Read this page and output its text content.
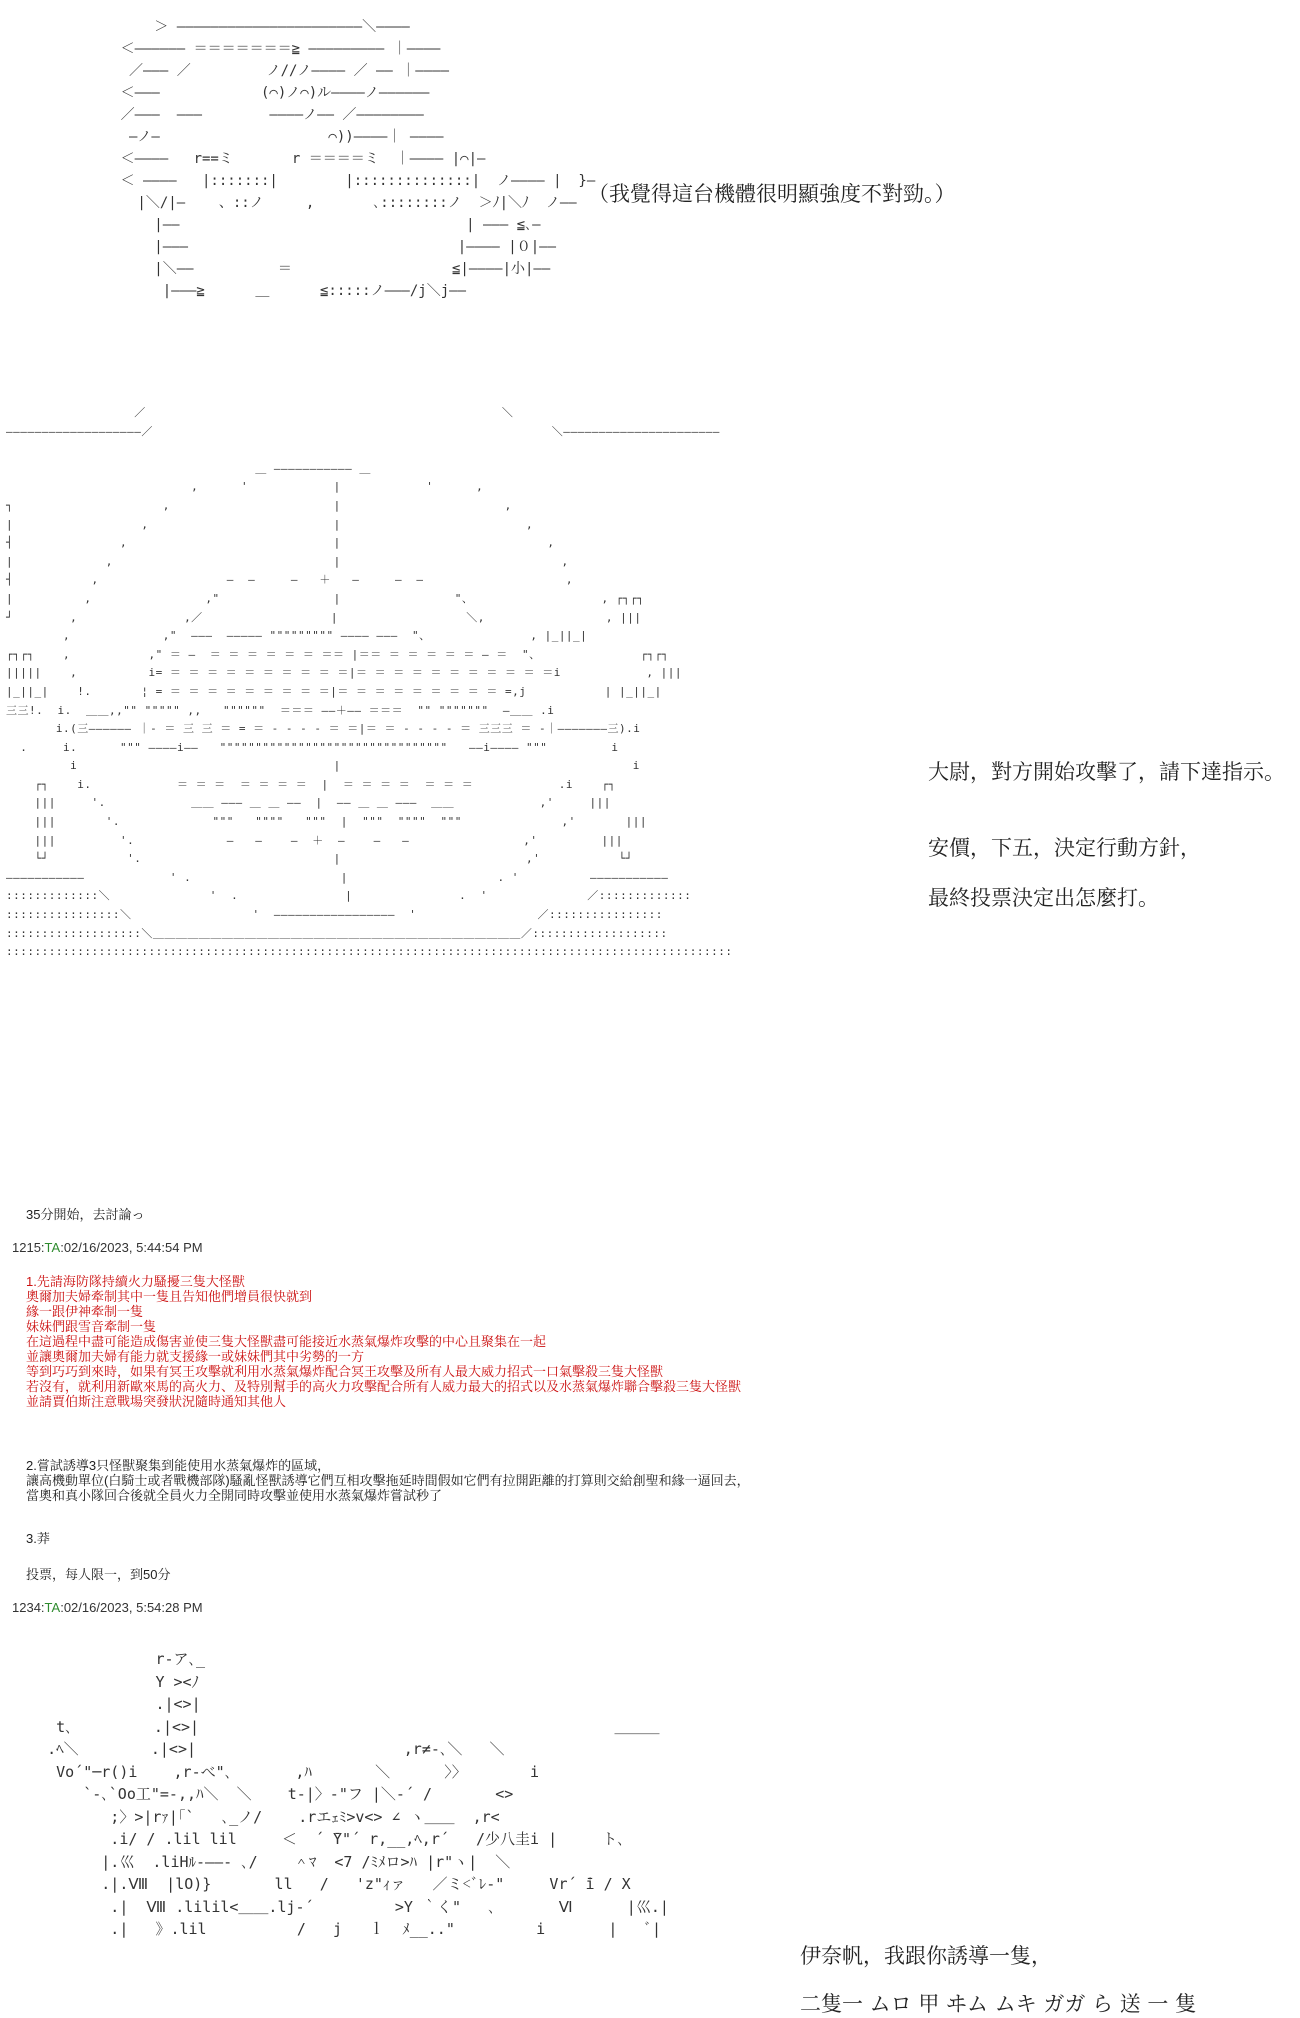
＞ ――――――――――――――――――――――＼――――
＜―――――― ＝＝＝＝＝＝＝≧ ――――――――― ｜――――
／――― ／         ノ//ノ―――― ／ ―― ｜――――
＜―――            (⌒)ノ⌒)ル――――ノ――――――
／―――  ―――        ――――ノ―― ／――――――――
―ノ―                    ⌒))――――｜ ――――
＜――――   r==ミ       r ＝＝＝＝ミ  ｜―――― |⌒|―
＜ ――――   |:::::::|        |::::::::::::::|  ノ―――― |  }―
|＼/|―    、::ノ     ,       ､::::::::ノ  ＞ﾉ|＼ﾉ  ノ――
|――                                  | ――― ≦､―
|―――                                |―――― |０|――
|＼――          ＝                   ≦|――――|小|――
|―――≧      ＿      ≦:::::ノ―――/j＼j――
（我覺得這台機體很明顯強度不對勁。）
／                                                  ＼
―――――――――――――――――――／                                                        ＼――――――――――――――――――――――

＿ ――――――――――― ＿
,      '            |            '      ,
┐                     ,                       |                       ,
|                  ,                          |                          ,
┤               ,                             |                             ,
|             ,                               |                               ,
┤           ,                  ―  ―     ―   ＋   ―     ―  ―                    ,
|          ,                ,"                |                "、                  , ┌┐┌┐
┘        ,               ,／                  |                  ＼,                 , |||
,             ,"  ―――  ――――― """"""""" ―――― ―――  "、              , |_||_|
┌┐┌┐    ,           ," ＝ ―  ＝ ＝ ＝ ＝ ＝ ＝ ＝＝ |＝＝ ＝ ＝ ＝ ＝ ＝ ― ＝  "、              ┌┐┌┐
|||||    ,          i= ＝ ＝ ＝ ＝ ＝ ＝ ＝ ＝ ＝ ＝|＝ ＝ ＝ ＝ ＝ ＝ ＝ ＝ ＝ ＝ ＝i            , |||
|_||_|    !.       ¦ = ＝ ＝ ＝ ＝ ＝ ＝ ＝ ＝ ＝|＝ ＝ ＝ ＝ ＝ ＝ ＝ ＝ ＝ =,j           | |_||_|
三三!.  i.  ＿＿,,"" """"" ,,   """"""  ＝＝＝ ――＋―― ＝＝＝  "" """""""  ―＿＿ .i
i.(三―――――― ｜- ＝ 三 三 ＝ = ＝ - - - - ＝ ＝|＝ ＝ - - - - ＝ 三三三 ＝ -｜―――――――三).i
.     i.      """ ――――i――   """"""""""""""""""""""""""""""""   ――i―――― """         i
i                                    |                                         i
┌┐    i.            ＝ ＝ ＝  ＝ ＝ ＝ ＝  |  ＝ ＝ ＝ ＝  ＝ ＝ ＝            .i    ┌┐
|||     '.            ＿＿ ――― ＿ ＿ ――  |  ―― ＿ ＿ ―――  ＿＿            ,'     |||
|||       '.             """   """"   """  |  """  """"  """              ,'       |||
|||         '.             ―   ―    ―  ＋  ―    ―   ―                ,'         |||
└┘           '.                           |                          ,'           └┘
―――――――――――            ' .                     |                     . '          ―――――――――――
:::::::::::::＼              '  .               |               .  '              ／:::::::::::::
::::::::::::::::＼                 '  ―――――――――――――――――  '                 ／::::::::::::::::
:::::::::::::::::::＼＿＿＿＿＿＿＿＿＿＿＿＿＿＿＿＿＿＿＿＿＿＿＿＿＿＿＿＿＿＿＿＿／:::::::::::::::::::
::::::::::::::::::::::::::::::::::::::::::::::::::::::::::::::::::::::::::::::::::::::::::::::::::::::
大尉，對方開始攻擊了，請下達指示。
安價，下五，決定行動方針，
最終投票決定出怎麼打。
35分開始，去討論っ
1215:TA:02/16/2023, 5:44:54 PM
1.先請海防隊持續火力騷擾三隻大怪獸
奧爾加夫婦牽制其中一隻且告知他們增員很快就到
緣一跟伊神牽制一隻
妹妹們跟雪音牽制一隻
在這過程中盡可能造成傷害並使三隻大怪獸盡可能接近水蒸氣爆炸攻擊的中心且聚集在一起
並讓奧爾加夫婦有能力就支援緣一或妹妹們其中劣勢的一方
等到巧巧到來時，如果有冥王攻擊就利用水蒸氣爆炸配合冥王攻擊及所有人最大威力招式一口氣擊殺三隻大怪獸
若沒有，就利用新歐來馬的高火力、及特別幫手的高火力攻擊配合所有人威力最大的招式以及水蒸氣爆炸聯合擊殺三隻大怪獸
並請賈伯斯注意戰場突發狀況隨時通知其他人
2.嘗試誘導3只怪獸聚集到能使用水蒸氣爆炸的區域，
讓高機動單位(白騎士或者戰機部隊)騷亂怪獸誘導它們互相攻擊拖延時間假如它們有拉開距離的打算則交給創聖和緣一逼回去，
當奧和真小隊回合後就全員火力全開同時攻擊並使用水蒸氣爆炸嘗試秒了
3.莽
投票，每人限一，到50分
1234:TA:02/16/2023, 5:54:28 PM
r-ア､_
Y ><ﾉ
.|<>|
t､         .|<>|                                              ＿＿＿
.ﾍ＼        .|<>|                       ,r≠-､＼   ＼
Vo´"─r()i    ,r-べ"､       ,ﾊ       ＼      〉〉       i
`-､`Oo工"=-,,ﾊ＼  ＼    t-|〉-"フ |＼-´ /       <>
;〉>|rｧ|｢`   ､_ノ/    .rエｪﾐ>v<> ∠ ヽ＿＿  ,r<
.i/ / .lil lil     ＜  ´ ̄Y"´ r,__,ﾍ,r´   /少八圭i |     ト､
|.巛  .liHﾙ-――- ､/    ＾ﾏ  <7 /ﾐﾒロ>ﾊ |r"ヽ|  ＼
.|.Ⅷ  |lO)}       ll   /   'z"ｨァ   ／ミ<ﾞﾚ-"     Vr´ ̄i / X
.|  Ⅷ .lilil<＿＿.lj-´         >Y ｀く"   ､       Ⅵ      |巛.|
.|   》.lil          /   j   ｌ  ﾒ__.."         i       |   ﾞ|
伊奈帆，我跟你誘導一隻，
二隻一 ムロ 甲 ヰム ムキ ガガ ら 送 一 隻
